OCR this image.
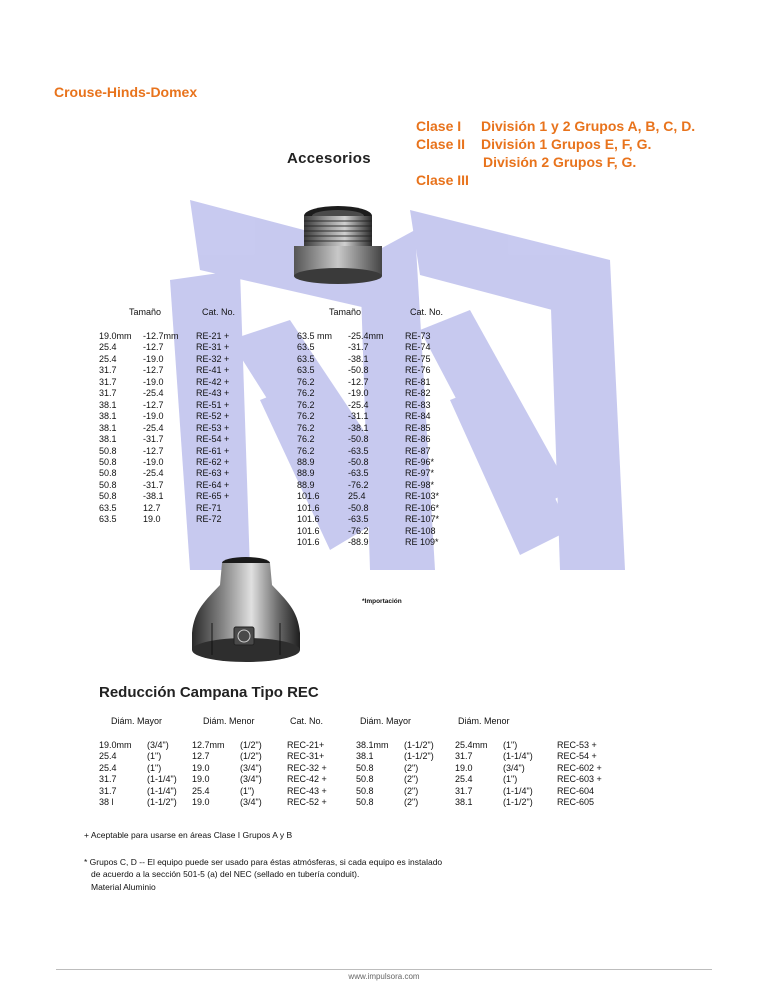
Crouse-Hinds-Domex
Clase I División 1 y 2 Grupos A, B, C, D.
Clase II División 1 Grupos E, F, G.
División 2 Grupos F, G.
Clase III
Accesorios
Tamaño	Cat. No.	Tamaño	Cat. No.
19.0mm -12.7mm RE-21 +
25.4	-12.7	RE-31 +
25.4	-19.0	RE-32 +
31.7	-12.7	RE-41 +
31.7	-19.0	RE-42 +
31.7	-25.4	RE-43 +
38.1	-12.7	RE-51 +
38.1	-19.0	RE-52 +
38.1	-25.4	RE-53 +
38.1	-31.7	RE-54 +
50.8	-12.7	RE-61 +
50.8	-19.0	RE-62 +
50.8	-25.4	RE-63 +
50.8	-31.7	RE-64 +
50.8	-38.1	RE-65 +
63.5	12.7	RE-71
63.5	19.0	RE-72
63.5 mm -25.4mm RE-73
63.5	-31.7	RE-74
63.5	-38.1	RE-75
63.5	-50.8	RE-76
76.2	-12.7	RE-81
76.2	-19.0	RE-82
76.2	-25.4	RE-83
76.2	-31.1	RE-84
76.2	-38.1	RE-85
76.2	-50.8	RE-86
76.2	-63.5	RE-87
88.9	-50.8	RE-96*
88.9	-63.5	RE-97*
88.9	-76.2	RE-98*
101.6	25.4	RE-103*
101.6	-50.8	RE-106*
101.6	-63.5	RE-107*
101.6	-76.2	RE-108
101.6	-88.9	RE 109*
*Importación
Reducción Campana Tipo REC
Diám. Mayor	Diám. Menor	Cat. No.	Diám. Mayor	Diám. Menor
19.0mm (3/4")	12.7mm (1/2")	REC-21+	38.1mm (1-1/2") 25.4mm (1")	REC-53 +
25.4	(1")	12.7	(1/2")	REC-31+	38.1	(1-1/2") 31.7	(1-1/4")	REC-54 +
25.4	(1")	19.0	(3/4")	REC-32 +	50.8	(2")	19.0	(3/4")	REC-602 +
31.7	(1-1/4") 19.0	(3/4")	REC-42 +	50.8	(2")	25.4	(1")	REC-603 +
31.7	(1-1/4") 25.4	(1")	REC-43 +	50.8	(2")	31.7	(1-1/4")	REC-604
38 l	(1-1/2") 19.0	(3/4")	REC-52 +	50.8	(2")	38.1	(1-1/2")	REC-605
+ Aceptable para usarse en áreas Clase I Grupos A y B
* Grupos C, D -- El equipo puede ser usado para éstas atmósferas, si cada equipo es instalado
de acuerdo a la sección 501-5 (a) del NEC (sellado en tubería conduit).
Material Aluminio
www.impulsora.com
